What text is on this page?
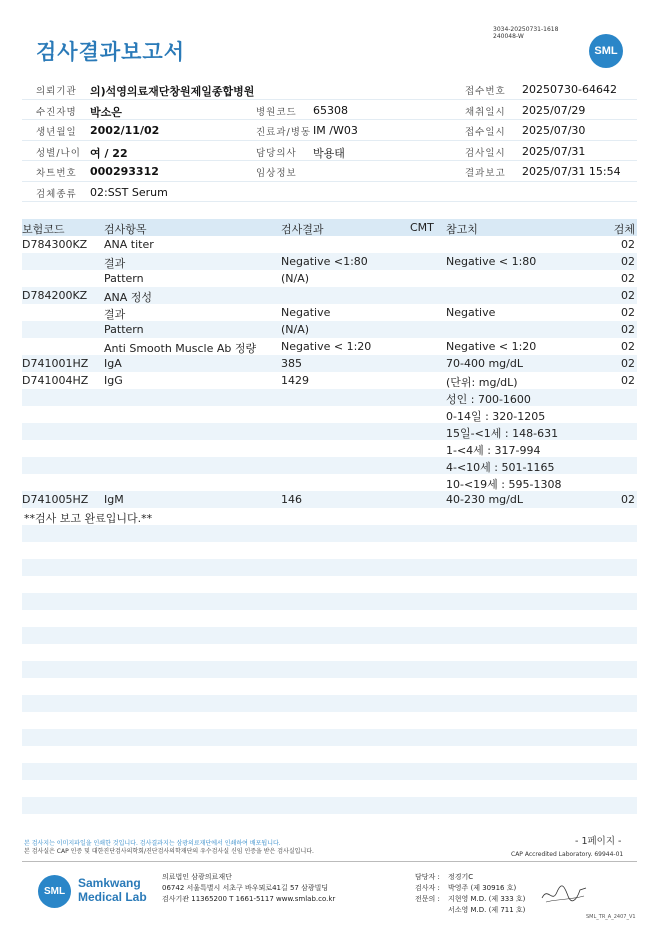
검사결과보고서
3034-20250731-1618
240048-W
SML
의뢰기관 의)석영의료재단창원제일종합병원	접수번호 20250730-64642
수진자명 박소은	병원코드 65308	채취일시 2025/07/29
생년월일 2002/11/02	진료과/병동 IM /W03	접수일시 2025/07/30
성별/나이 여 / 22	담당의사 박용태	검사일시 2025/07/31
차트번호 000293312	임상정보	결과보고 2025/07/31 15:54
검체종류 02:SST Serum
보험코드	검사항목	검사결과	CMT 참고치	검체
D784300KZ ANA titer	02
결과	Negative <1:80	Negative < 1:80	02
Pattern	(N/A)	02
D784200KZ ANA 정성	02
결과	Negative	Negative	02
Pattern	(N/A)	02
Anti Smooth Muscle Ab 정량 Negative < 1:20	Negative < 1:20	02
D741001HZ IgA	385	70-400 mg/dL	02
D741004HZ IgG	1429	(단위: mg/dL)	02
성인 : 700-1600
0-14일 : 320-1205
15일-<1세 : 148-631
1-<4세 : 317-994
4-<10세 : 501-1165
10-<19세 : 595-1308
D741005HZ IgM	146	40-230 mg/dL	02
**검사 보고 완료입니다.**
- 1페이지 -
본 검사지는 이미지파일을 인쇄한 것입니다. 검사결과지는 삼광의료재단에서 인쇄하여 배포됩니다.
본 검사실은 CAP 인증 및 대한진단검사의학회/진단검사의학재단의 우수검사실 신임 인증을 받은 검사실입니다.	CAP Accredited Laboratory. 69944-01
SML
Samkwang
Medical Lab
의료법인 삼광의료재단
06742 서울특별시 서초구 바우뫼로41길 57 삼광빌딩
검사기관 11365200 T 1661-5117 www.smlab.co.kr
담당자 : 정경기C
검사자 : 박영주 (제 30916 호)
전문의 : 지현영 M.D. (제 333 호)
서소영 M.D. (제 711 호)
SML_TR_A_2407_V1
